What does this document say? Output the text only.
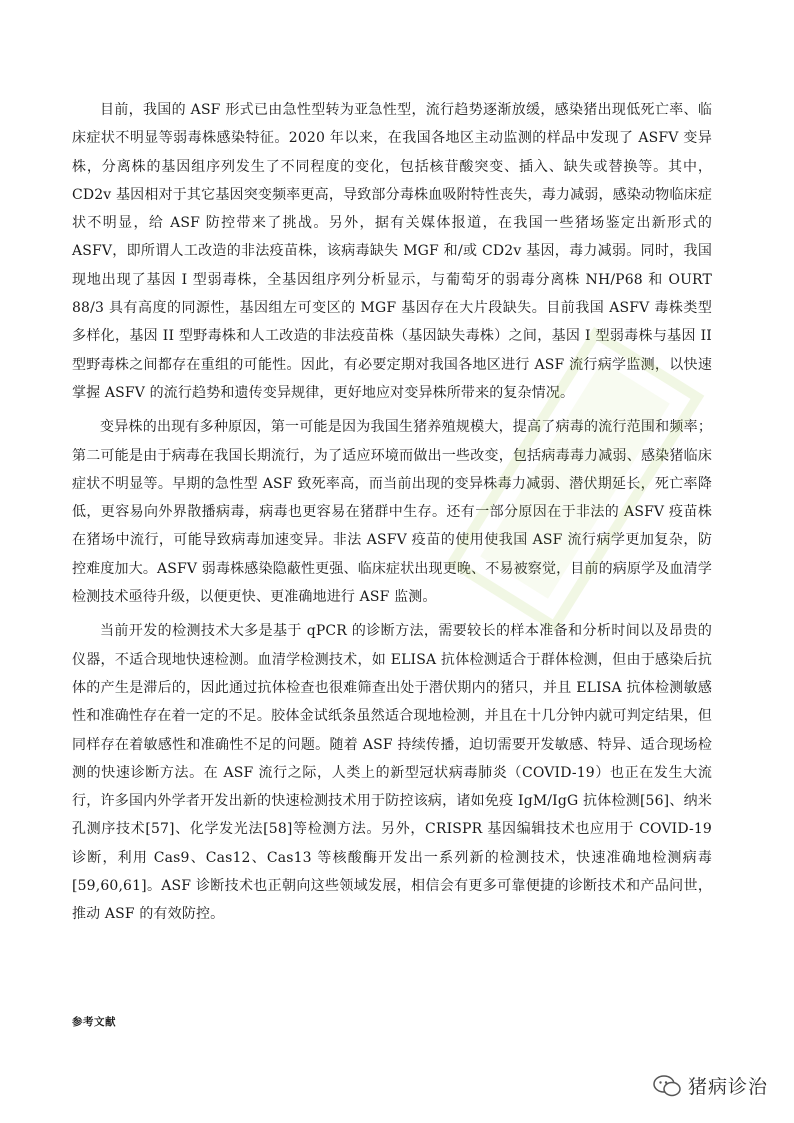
目前，我国的 ASF 形式已由急性型转为亚急性型，流行趋势逐渐放缓，感染猪出现低死亡率、临床症状不明显等弱毒株感染特征。2020 年以来，在我国各地区主动监测的样品中发现了 ASFV 变异株，分离株的基因组序列发生了不同程度的变化，包括核苷酸突变、插入、缺失或替换等。其中，CD2v 基因相对于其它基因突变频率更高，导致部分毒株血吸附特性丧失，毒力减弱，感染动物临床症状不明显，给 ASF 防控带来了挑战。另外，据有关媒体报道，在我国一些猪场鉴定出新形式的 ASFV，即所谓人工改造的非法疫苗株，该病毒缺失 MGF 和/或 CD2v 基因，毒力减弱。同时，我国现地出现了基因 I 型弱毒株，全基因组序列分析显示，与葡萄牙的弱毒分离株 NH/P68 和 OURT 88/3 具有高度的同源性，基因组左可变区的 MGF 基因存在大片段缺失。目前我国 ASFV 毒株类型多样化，基因 II 型野毒株和人工改造的非法疫苗株（基因缺失毒株）之间，基因 I 型弱毒株与基因 II 型野毒株之间都存在重组的可能性。因此，有必要定期对我国各地区进行 ASF 流行病学监测，以快速掌握 ASFV 的流行趋势和遗传变异规律，更好地应对变异株所带来的复杂情况。

变异株的出现有多种原因，第一可能是因为我国生猪养殖规模大，提高了病毒的流行范围和频率；第二可能是由于病毒在我国长期流行，为了适应环境而做出一些改变，包括病毒毒力减弱、感染猪临床症状不明显等。早期的急性型 ASF 致死率高，而当前出现的变异株毒力减弱、潜伏期延长，死亡率降低，更容易向外界散播病毒，病毒也更容易在猪群中生存。还有一部分原因在于非法的 ASFV 疫苗株在猪场中流行，可能导致病毒加速变异。非法 ASFV 疫苗的使用使我国 ASF 流行病学更加复杂，防控难度加大。ASFV 弱毒株感染隐蔽性更强、临床症状出现更晚、不易被察觉，目前的病原学及血清学检测技术亟待升级，以便更快、更准确地进行 ASF 监测。

当前开发的检测技术大多是基于 qPCR 的诊断方法，需要较长的样本准备和分析时间以及昂贵的仪器，不适合现地快速检测。血清学检测技术，如 ELISA 抗体检测适合于群体检测，但由于感染后抗体的产生是滞后的，因此通过抗体检查也很难筛查出处于潜伏期内的猪只，并且 ELISA 抗体检测敏感性和准确性存在着一定的不足。胶体金试纸条虽然适合现地检测，并且在十几分钟内就可判定结果，但同样存在着敏感性和准确性不足的问题。随着 ASF 持续传播，迫切需要开发敏感、特异、适合现场检测的快速诊断方法。在 ASF 流行之际，人类上的新型冠状病毒肺炎（COVID-19）也正在发生大流行，许多国内外学者开发出新的快速检测技术用于防控该病，诸如免疫 IgM/IgG 抗体检测[56]、纳米孔测序技术[57]、化学发光法[58]等检测方法。另外，CRISPR 基因编辑技术也应用于 COVID-19 诊断，利用 Cas9、Cas12、Cas13 等核酸酶开发出一系列新的检测技术，快速准确地检测病毒[59,60,61]。ASF 诊断技术也正朝向这些领域发展，相信会有更多可靠便捷的诊断技术和产品问世，推动 ASF 的有效防控。

参考文献
猪病诊治
